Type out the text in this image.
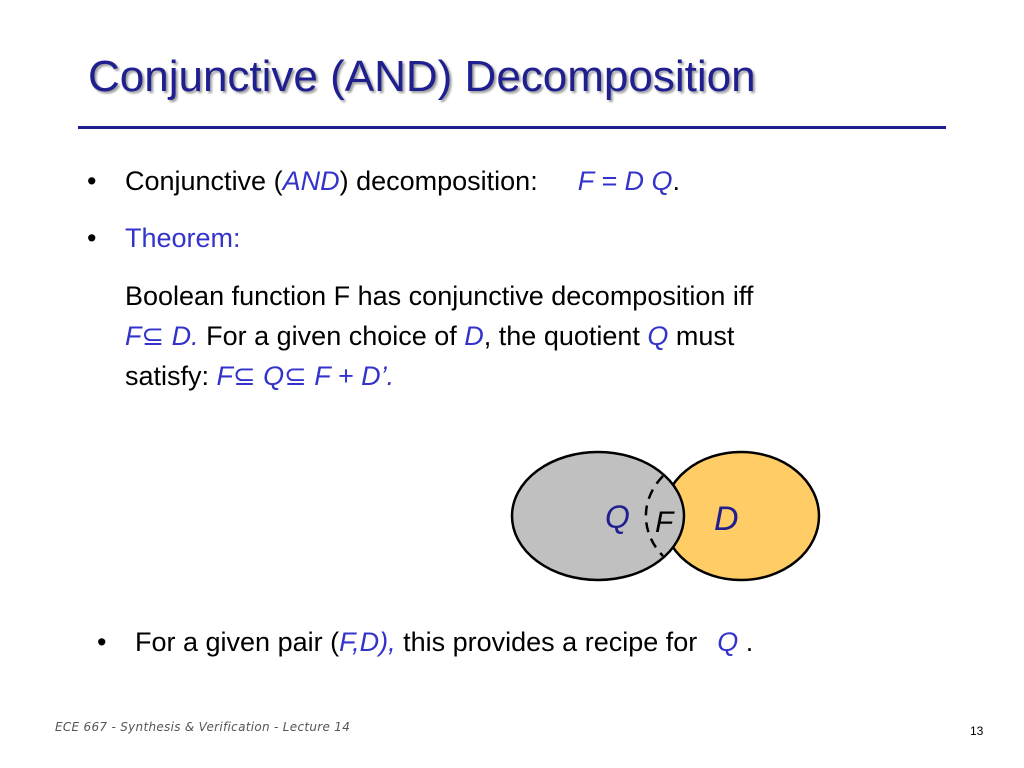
Conjunctive (AND) Decomposition
• Conjunctive (AND) decomposition: F = D Q.
• Theorem:
Boolean function F has conjunctive decomposition iff
F⊆ D. For a given choice of D, the quotient Q must
satisfy: F⊆ Q⊆ F + D’.
Q F D
• For a given pair (F,D), this provides a recipe for Q .
ECE 667 - Synthesis & Verification - Lecture 14	13
